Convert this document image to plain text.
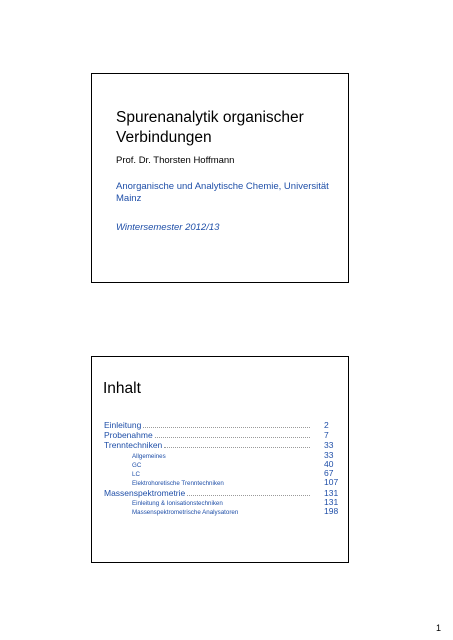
Spurenanalytik organischer Verbindungen
Prof. Dr. Thorsten Hoffmann
Anorganische und Analytische Chemie, Universität Mainz
Wintersemester 2012/13
Inhalt
Einleitung	2
Probenahme	7
Trenntechniken	33
Allgemeines	33
GC	40
LC	67
Elektrohoretische Trenntechniken	107
Massenspektrometrie	131
Einleitung & Ionisationstechniken	131
Massenspektrometrische Analysatoren	198
1
